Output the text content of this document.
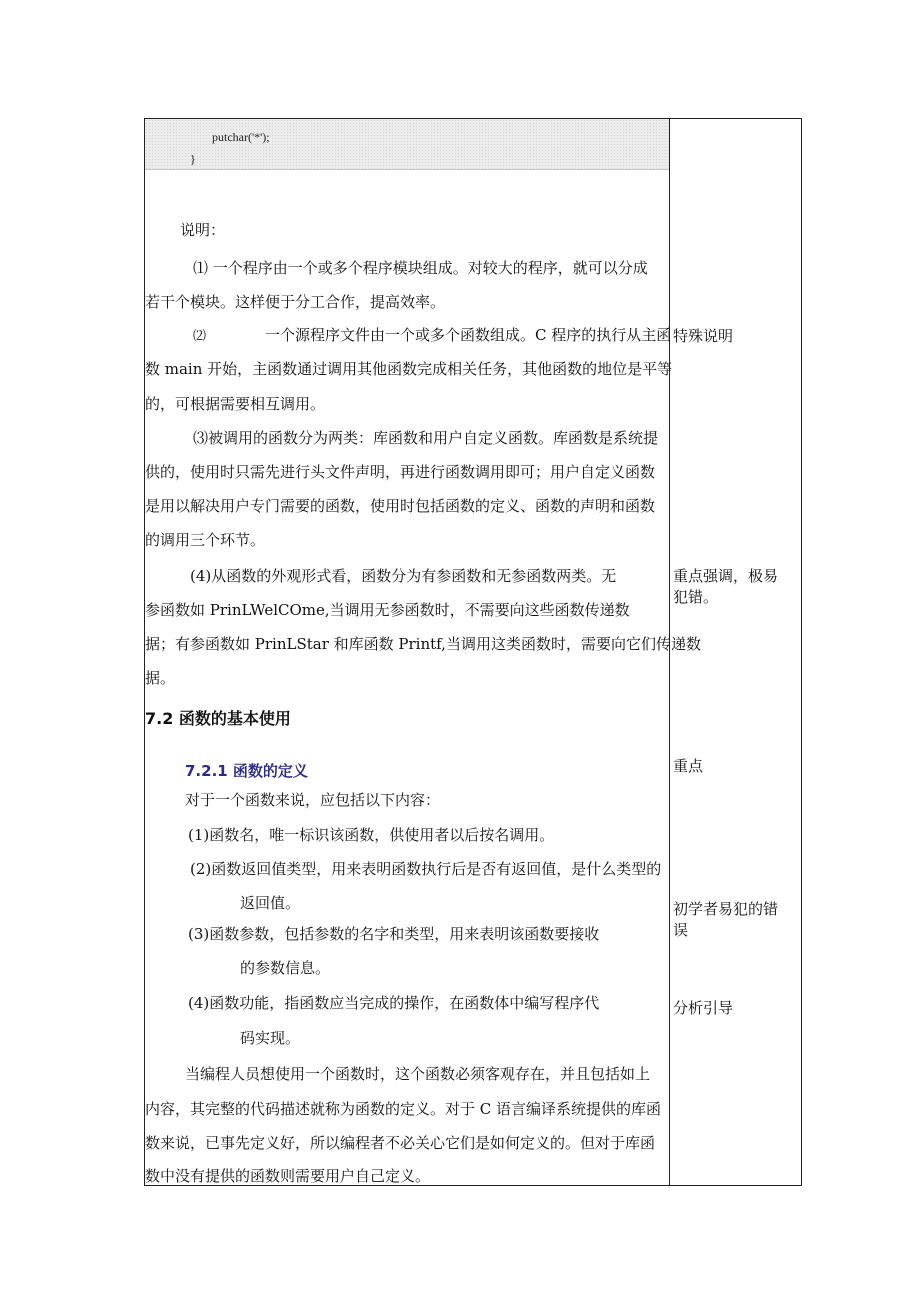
putchar('*');
}
说明：
⑴ 一个程序由一个或多个程序模块组成。对较大的程序，就可以分成
若干个模块。这样便于分工合作，提高效率。
⑵	一个源程序文件由一个或多个函数组成。C 程序的执行从主函
数 main 开始，主函数通过调用其他函数完成相关任务，其他函数的地位是平等
的，可根据需要相互调用。
⑶被调用的函数分为两类：库函数和用户自定义函数。库函数是系统提
供的，使用时只需先进行头文件声明，再进行函数调用即可；用户自定义函数
是用以解决用户专门需要的函数，使用时包括函数的定义、函数的声明和函数
的调用三个环节。
(4)从函数的外观形式看，函数分为有参函数和无参函数两类。无
参函数如 PrinLWelCOme,当调用无参函数时，不需要向这些函数传递数
据；有参函数如 PrinLStar 和库函数 Printf,当调用这类函数时，需要向它们传递数
据。
7.2 函数的基本使用
7.2.1 函数的定义
对于一个函数来说，应包括以下内容：
(1)函数名，唯一标识该函数，供使用者以后按名调用。
(2)函数返回值类型，用来表明函数执行后是否有返回值，是什么类型的
返回值。
(3)函数参数，包括参数的名字和类型，用来表明该函数要接收
的参数信息。
(4)函数功能，指函数应当完成的操作，在函数体中编写程序代
码实现。
当编程人员想使用一个函数时，这个函数必须客观存在，并且包括如上
内容，其完整的代码描述就称为函数的定义。对于 C 语言编译系统提供的库函
数来说，已事先定义好，所以编程者不必关心它们是如何定义的。但对于库函
数中没有提供的函数则需要用户自己定义。
特殊说明
重点强调，极易
犯错。
重点
初学者易犯的错
误
分析引导
